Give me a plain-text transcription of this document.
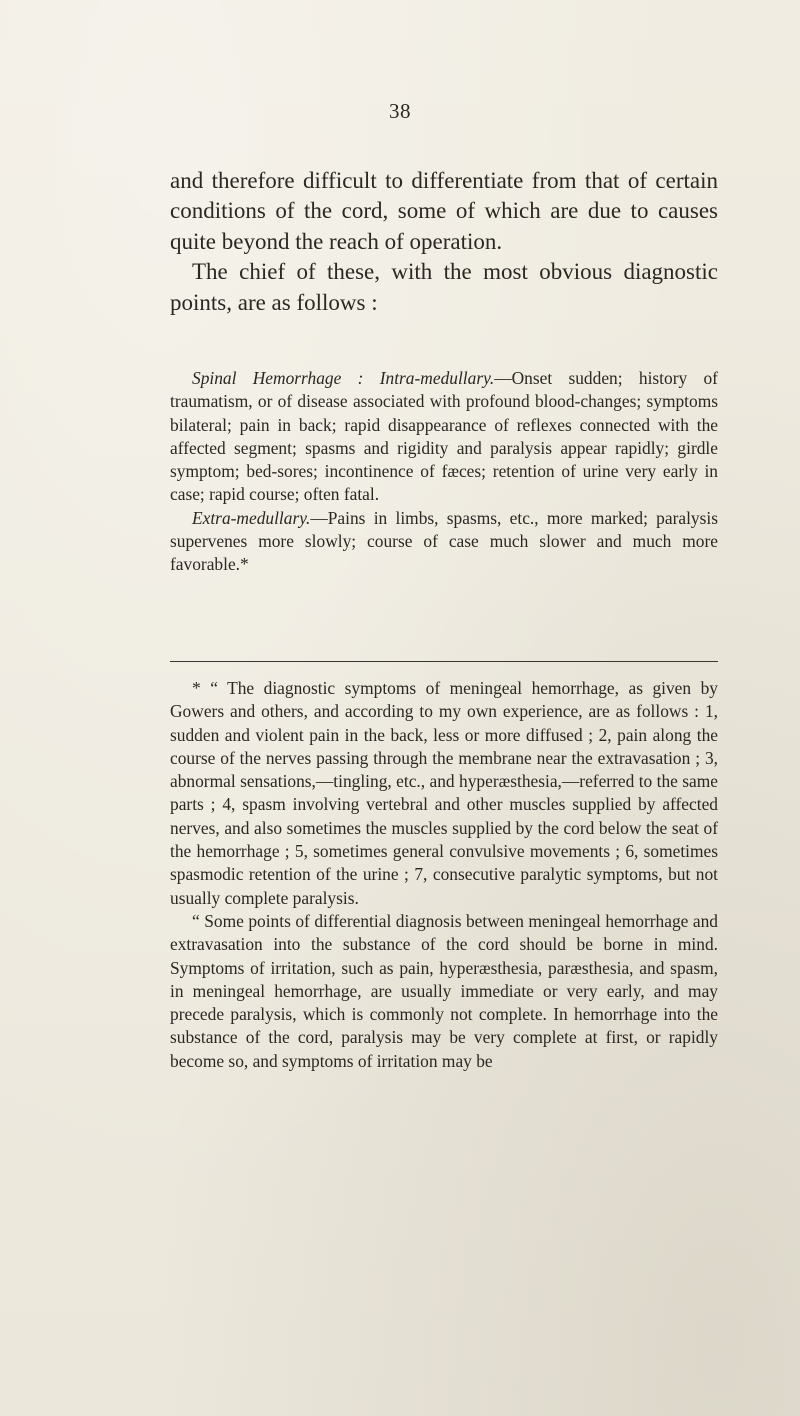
38

and therefore difficult to differentiate from that of certain conditions of the cord, some of which are due to causes quite beyond the reach of operation.

The chief of these, with the most obvious diagnostic points, are as follows :

Spinal Hemorrhage : Intra-medullary.—Onset sudden; history of traumatism, or of disease associated with profound blood-changes; symptoms bilateral; pain in back; rapid disappearance of reflexes connected with the affected segment; spasms and rigidity and paralysis appear rapidly; girdle symptom; bed-sores; incontinence of fæces; retention of urine very early in case; rapid course; often fatal.

Extra-medullary.—Pains in limbs, spasms, etc., more marked; paralysis supervenes more slowly; course of case much slower and much more favorable.*

* “ The diagnostic symptoms of meningeal hemorrhage, as given by Gowers and others, and according to my own experience, are as follows : 1, sudden and violent pain in the back, less or more diffused ; 2, pain along the course of the nerves passing through the membrane near the extravasation ; 3, abnormal sensations,—tingling, etc., and hyperæsthesia,—referred to the same parts ; 4, spasm involving vertebral and other muscles supplied by affected nerves, and also sometimes the muscles supplied by the cord below the seat of the hemorrhage ; 5, sometimes general convulsive movements ; 6, sometimes spasmodic retention of the urine ; 7, consecutive paralytic symptoms, but not usually complete paralysis.

“ Some points of differential diagnosis between meningeal hemorrhage and extravasation into the substance of the cord should be borne in mind. Symptoms of irritation, such as pain, hyperæsthesia, paræsthesia, and spasm, in meningeal hemorrhage, are usually immediate or very early, and may precede paralysis, which is commonly not complete. In hemorrhage into the substance of the cord, paralysis may be very complete at first, or rapidly become so, and symptoms of irritation may be
